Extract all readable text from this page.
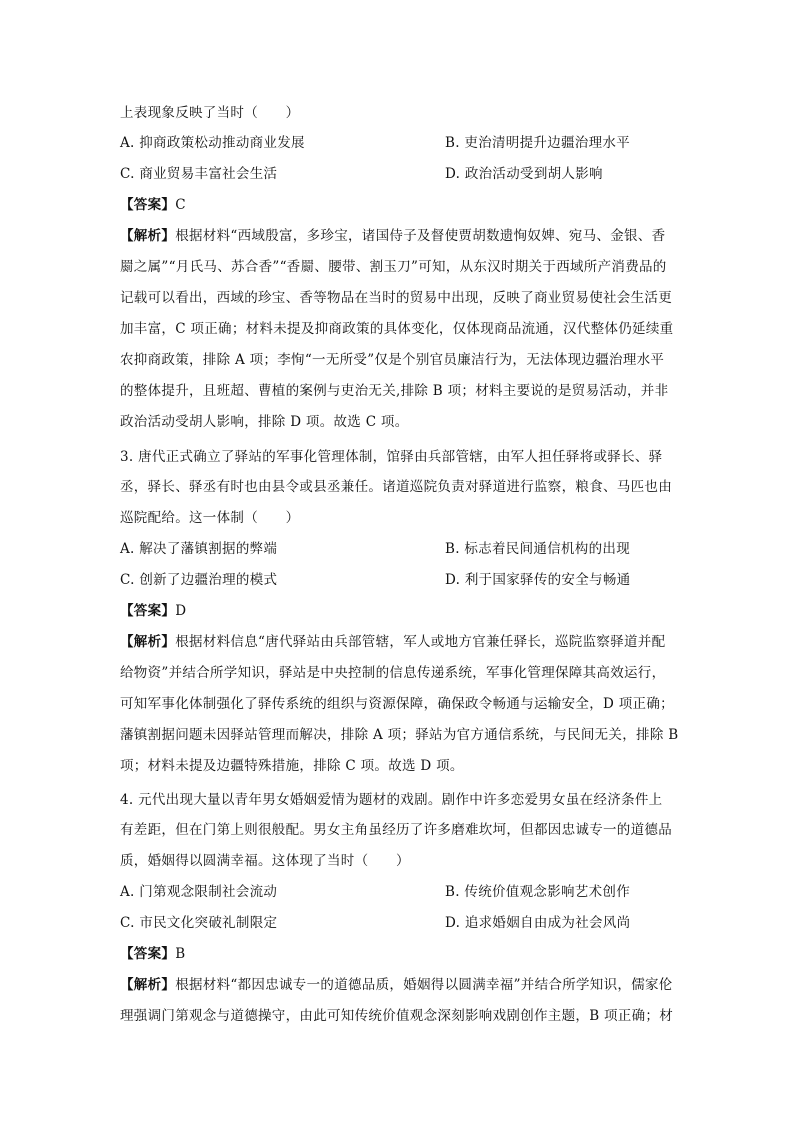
上表现象反映了当时（　　）
A. 抑商政策松动推动商业发展	B. 吏治清明提升边疆治理水平
C. 商业贸易丰富社会生活	D. 政治活动受到胡人影响
【答案】C
【解析】根据材料“西域殷富，多珍宝，诸国侍子及督使贾胡数遗恂奴婢、宛马、金银、香
罽之属”“月氏马、苏合香”“香罽、腰带、割玉刀”可知，从东汉时期关于西域所产消费品的
记载可以看出，西域的珍宝、香等物品在当时的贸易中出现，反映了商业贸易使社会生活更
加丰富，C 项正确；材料未提及抑商政策的具体变化，仅体现商品流通，汉代整体仍延续重
农抑商政策，排除 A 项；李恂“一无所受”仅是个别官员廉洁行为，无法体现边疆治理水平
的整体提升，且班超、曹植的案例与吏治无关,排除 B 项；材料主要说的是贸易活动，并非
政治活动受胡人影响，排除 D 项。故选 C 项。
3. 唐代正式确立了驿站的军事化管理体制，馆驿由兵部管辖，由军人担任驿将或驿长、驿
丞，驿长、驿丞有时也由县令或县丞兼任。诸道巡院负责对驿道进行监察，粮食、马匹也由
巡院配给。这一体制（　　）
A. 解决了藩镇割据的弊端	B. 标志着民间通信机构的出现
C. 创新了边疆治理的模式	D. 利于国家驿传的安全与畅通
【答案】D
【解析】根据材料信息“唐代驿站由兵部管辖，军人或地方官兼任驿长，巡院监察驿道并配
给物资”并结合所学知识，驿站是中央控制的信息传递系统，军事化管理保障其高效运行，
可知军事化体制强化了驿传系统的组织与资源保障，确保政令畅通与运输安全，D 项正确；
藩镇割据问题未因驿站管理而解决，排除 A 项；驿站为官方通信系统，与民间无关，排除 B
项；材料未提及边疆特殊措施，排除 C 项。故选 D 项。
4. 元代出现大量以青年男女婚姻爱情为题材的戏剧。剧作中许多恋爱男女虽在经济条件上
有差距，但在门第上则很般配。男女主角虽经历了许多磨难坎坷，但都因忠诚专一的道德品
质，婚姻得以圆满幸福。这体现了当时（　　）
A. 门第观念限制社会流动	B. 传统价值观念影响艺术创作
C. 市民文化突破礼制限定	D. 追求婚姻自由成为社会风尚
【答案】B
【解析】根据材料“都因忠诚专一的道德品质，婚姻得以圆满幸福”并结合所学知识，儒家伦
理强调门第观念与道德操守，由此可知传统价值观念深刻影响戏剧创作主题，B 项正确；材
